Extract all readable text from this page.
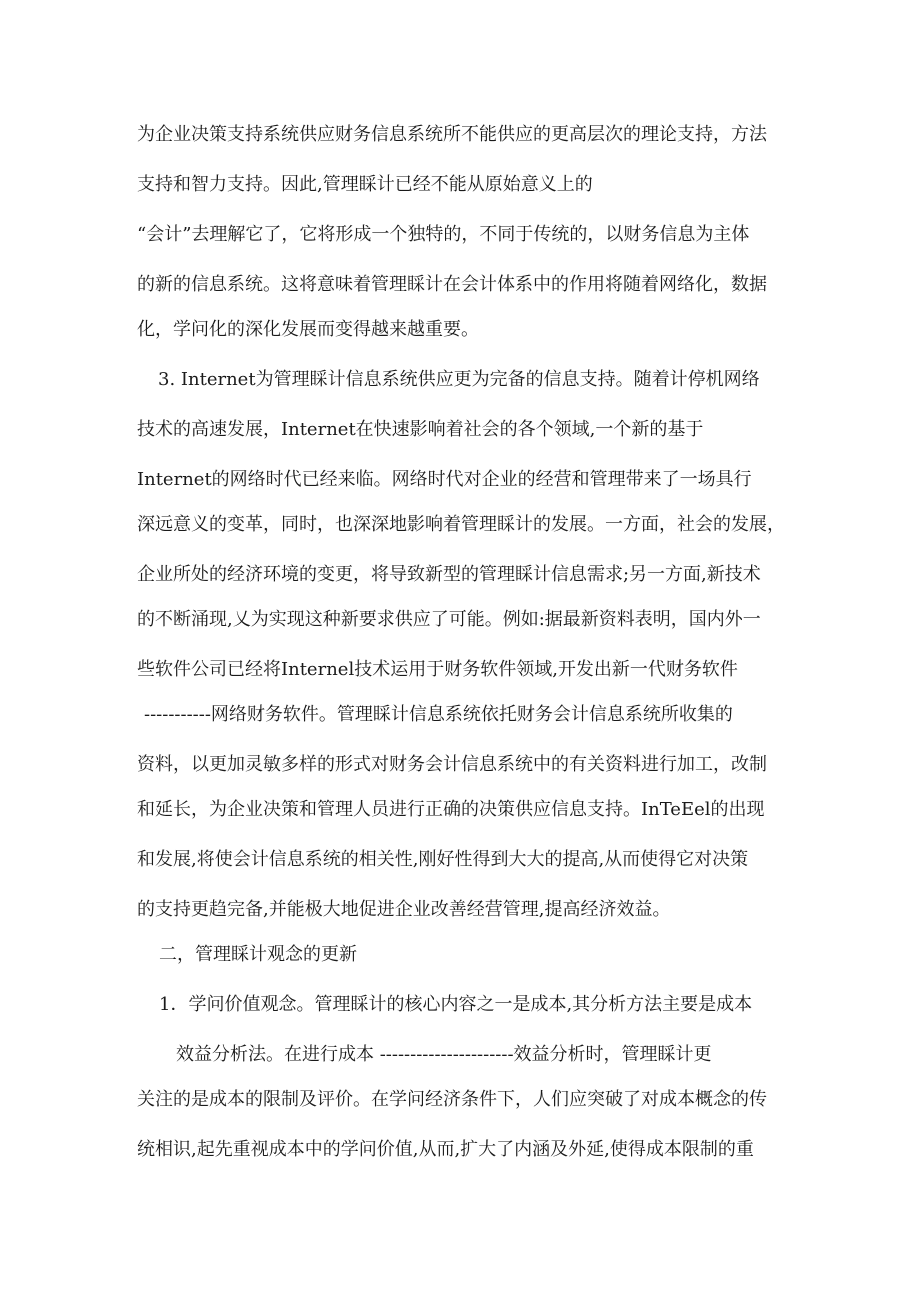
为企业决策支持系统供应财务信息系统所不能供应的更高层次的理论支持，方法
支持和智力支持。因此,管理睬计已经不能从原始意义上的
“会计”去理解它了，它将形成一个独特的，不同于传统的，以财务信息为主体
的新的信息系统。这将意味着管理睬计在会计体系中的作用将随着网络化，数据
化，学问化的深化发展而变得越来越重要。
3. Internet为管理睬计信息系统供应更为完备的信息支持。随着计停机网络
技术的高速发展，Internet在快速影响着社会的各个领域,一个新的基于
Internet的网络时代已经来临。网络时代对企业的经营和管理带来了一场具行
深远意义的变革，同时，也深深地影响着管理睬计的发展。一方面，社会的发展，
企业所处的经济环境的变更，将导致新型的管理睬计信息需求;另一方面,新技术
的不断涌现,乂为实现这种新要求供应了可能。例如:据最新资料表明，国内外一
些软件公司已经将Internel技术运用于财务软件领域,开发出新一代财务软件
-----------网络财务软件。管理睬计信息系统依托财务会计信息系统所收集的
资料，以更加灵敏多样的形式对财务会计信息系统中的有关资料进行加工，改制
和延长，为企业决策和管理人员进行正确的决策供应信息支持。InTeEel的出现
和发展,将使会计信息系统的相关性,刚好性得到大大的提高,从而使得它对决策
的支持更趋完备,并能极大地促进企业改善经营管理,提高经济效益。
二，管理睬计观念的更新
1．学问价值观念。管理睬计的核心内容之一是成本,其分析方法主要是成本
效益分析法。在进行成本 ----------------------效益分析时，管理睬计更
关注的是成本的限制及评价。在学问经济条件下，人们应突破了对成本概念的传
统相识,起先重视成本中的学问价值,从而,扩大了内涵及外延,使得成本限制的重
